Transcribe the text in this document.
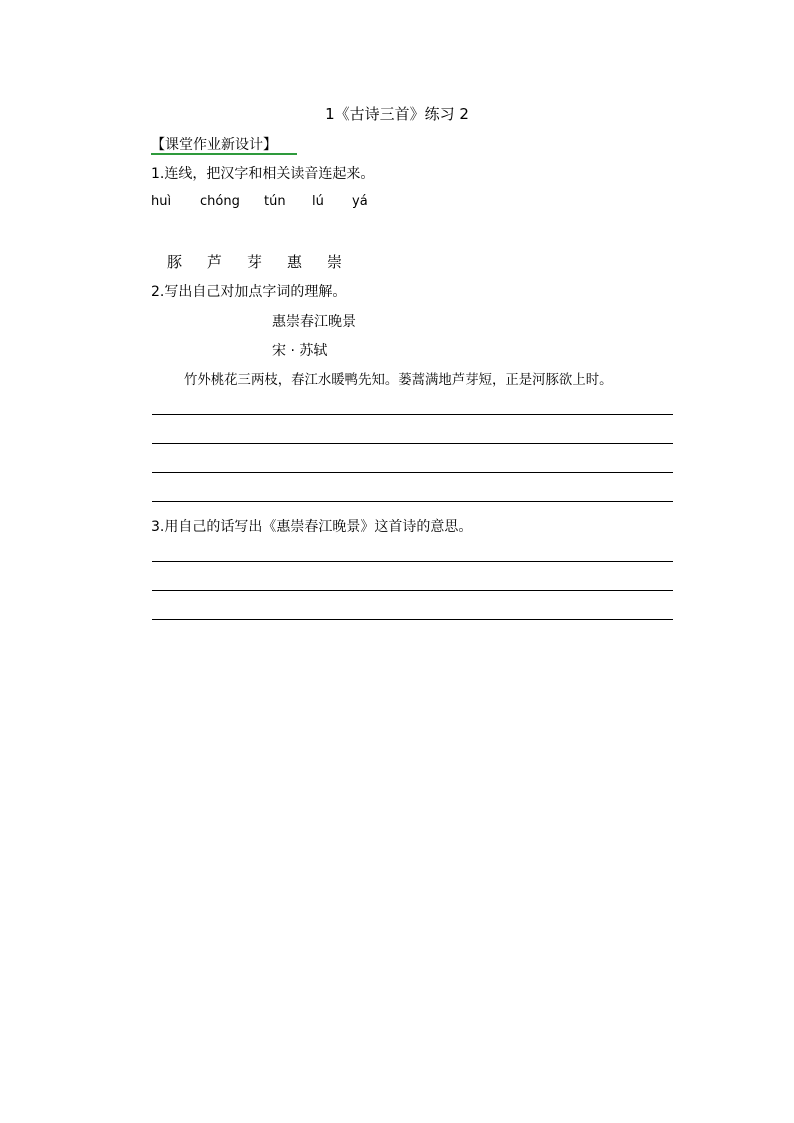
1《古诗三首》练习 2
【课堂作业新设计】
1.连线，把汉字和相关读音连起来。
huì chóng tún lú yá
豚 芦 芽 惠 崇
2.写出自己对加点字词的理解。
惠崇春江晚景
宋 · 苏轼
竹外桃花三两枝，春江水暖鸭先知。蒌蒿满地芦芽短，正是河豚欲上时。
3.用自己的话写出《惠崇春江晚景》这首诗的意思。
